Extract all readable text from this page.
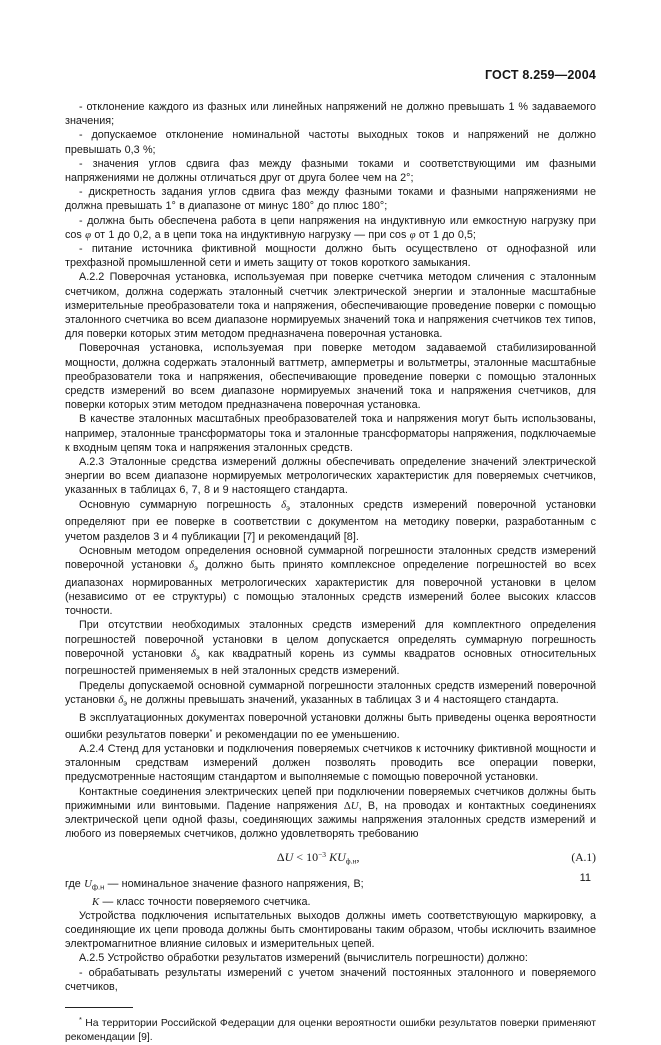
ГОСТ 8.259—2004
- отклонение каждого из фазных или линейных напряжений не должно превышать 1 % задаваемого значения;
- допускаемое отклонение номинальной частоты выходных токов и напряжений не должно превышать 0,3 %;
- значения углов сдвига фаз между фазными токами и соответствующими им фазными напряжениями не должны отличаться друг от друга более чем на 2°;
- дискретность задания углов сдвига фаз между фазными токами и фазными напряжениями не должна превышать 1° в диапазоне от минус 180° до плюс 180°;
- должна быть обеспечена работа в цепи напряжения на индуктивную или емкостную нагрузку при cos φ от 1 до 0,2, а в цепи тока на индуктивную нагрузку — при cos φ от 1 до 0,5;
- питание источника фиктивной мощности должно быть осуществлено от однофазной или трехфазной промышленной сети и иметь защиту от токов короткого замыкания.
А.2.2 Поверочная установка, используемая при поверке счетчика методом сличения с эталонным счетчиком, должна содержать эталонный счетчик электрической энергии и эталонные масштабные измерительные преобразователи тока и напряжения, обеспечивающие проведение поверки с помощью эталонного счетчика во всем диапазоне нормируемых значений тока и напряжения счетчиков тех типов, для поверки которых этим методом предназначена поверочная установка.
Поверочная установка, используемая при поверке методом задаваемой стабилизированной мощности, должна содержать эталонный ваттметр, амперметры и вольтметры, эталонные масштабные преобразователи тока и напряжения, обеспечивающие проведение поверки с помощью эталонных средств измерений во всем диапазоне нормируемых значений тока и напряжения счетчиков, для поверки которых этим методом предназначена поверочная установка.
В качестве эталонных масштабных преобразователей тока и напряжения могут быть использованы, например, эталонные трансформаторы тока и эталонные трансформаторы напряжения, подключаемые к входным цепям тока и напряжения эталонных средств.
А.2.3 Эталонные средства измерений должны обеспечивать определение значений электрической энергии во всем диапазоне нормируемых метрологических характеристик для поверяемых счетчиков, указанных в таблицах 6, 7, 8 и 9 настоящего стандарта.
Основную суммарную погрешность $\delta_э$ эталонных средств измерений поверочной установки определяют при ее поверке в соответствии с документом на методику поверки, разработанным с учетом разделов 3 и 4 публикации [7] и рекомендаций [8].
Основным методом определения основной суммарной погрешности эталонных средств измерений поверочной установки $\delta_э$ должно быть принято комплексное определение погрешностей во всех диапазонах нормированных метрологических характеристик для поверочной установки в целом (независимо от ее структуры) с помощью эталонных средств измерений более высоких классов точности.
При отсутствии необходимых эталонных средств измерений для комплектного определения погрешностей поверочной установки в целом допускается определять суммарную погрешность поверочной установки $\delta_э$ как квадратный корень из суммы квадратов основных относительных погрешностей применяемых в ней эталонных средств измерений.
Пределы допускаемой основной суммарной погрешности эталонных средств измерений поверочной установки $\delta_э$ не должны превышать значений, указанных в таблицах 3 и 4 настоящего стандарта.
В эксплуатационных документах поверочной установки должны быть приведены оценка вероятности ошибки результатов поверки* и рекомендации по ее уменьшению.
А.2.4 Стенд для установки и подключения поверяемых счетчиков к источнику фиктивной мощности и эталонным средствам измерений должен позволять проводить все операции поверки, предусмотренные настоящим стандартом и выполняемые с помощью поверочной установки.
Контактные соединения электрических цепей при подключении поверяемых счетчиков должны быть прижимными или винтовыми. Падение напряжения ΔU, В, на проводах и контактных соединениях электрической цепи одной фазы, соединяющих зажимы напряжения эталонных средств измерений и любого из поверяемых счетчиков, должно удовлетворять требованию
$\Delta U < 10^{-3}$ $KU_{ф.н}$,	(А.1)
где $U_{ф.н}$ — номинальное значение фазного напряжения, В;
K — класс точности поверяемого счетчика.
Устройства подключения испытательных выходов должны иметь соответствующую маркировку, а соединяющие их цепи провода должны быть смонтированы таким образом, чтобы исключить взаимное электромагнитное влияние силовых и измерительных цепей.
А.2.5 Устройство обработки результатов измерений (вычислитель погрешности) должно:
- обрабатывать результаты измерений с учетом значений постоянных эталонного и поверяемого счетчиков,
* На территории Российской Федерации для оценки вероятности ошибки результатов поверки применяют рекомендации [9].
11
